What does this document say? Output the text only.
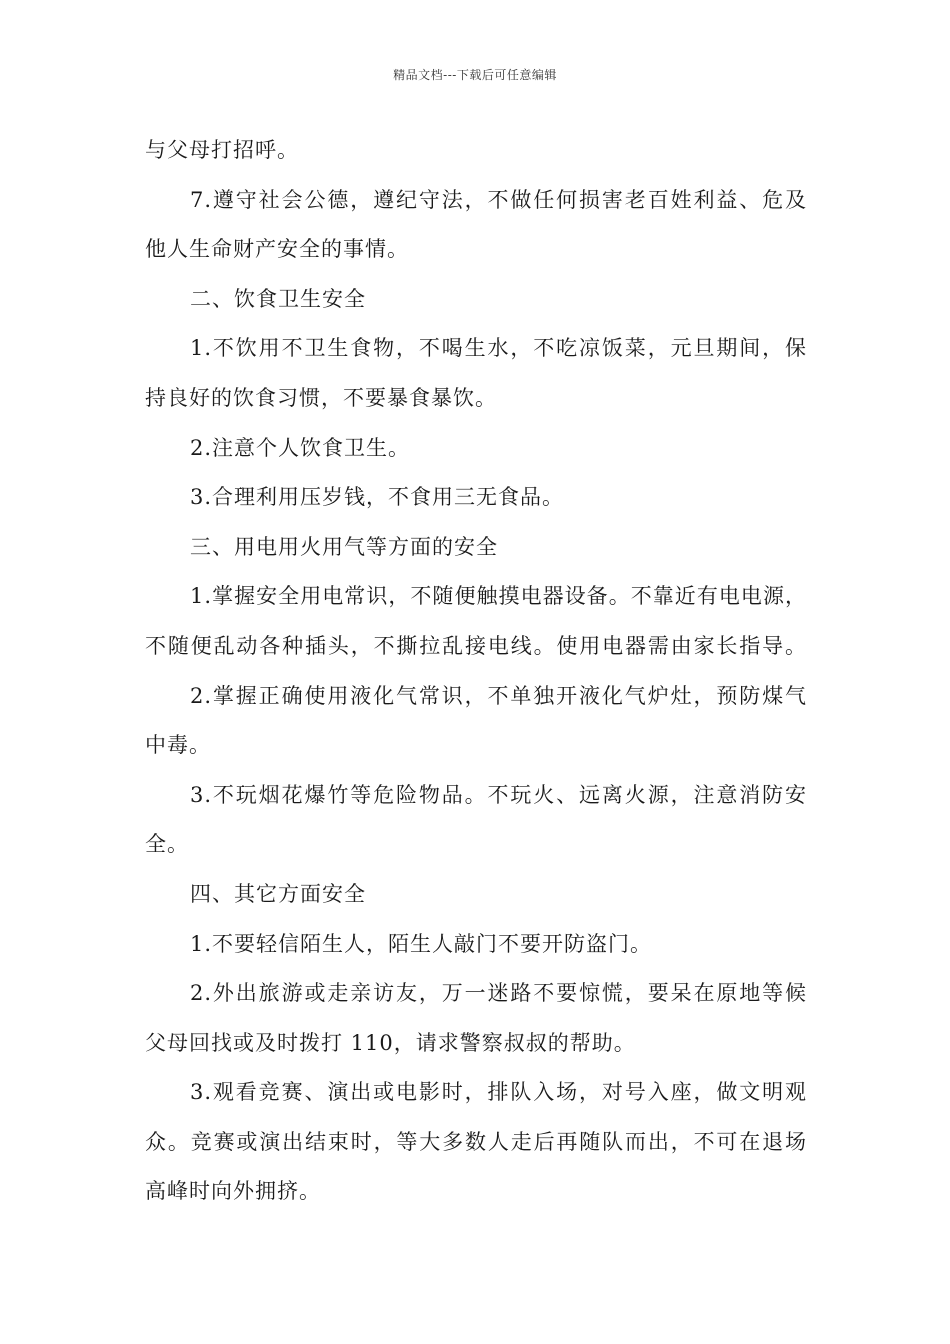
精品文档---下载后可任意编辑
与父母打招呼。
7.遵守社会公德，遵纪守法，不做任何损害老百姓利益、危及
他人生命财产安全的事情。
二、饮食卫生安全
1.不饮用不卫生食物，不喝生水，不吃凉饭菜，元旦期间，保
持良好的饮食习惯，不要暴食暴饮。
2.注意个人饮食卫生。
3.合理利用压岁钱，不食用三无食品。
三、用电用火用气等方面的安全
1.掌握安全用电常识，不随便触摸电器设备。不靠近有电电源，
不随便乱动各种插头，不撕拉乱接电线。使用电器需由家长指导。
2.掌握正确使用液化气常识，不单独开液化气炉灶，预防煤气
中毒。
3.不玩烟花爆竹等危险物品。不玩火、远离火源，注意消防安
全。
四、其它方面安全
1.不要轻信陌生人，陌生人敲门不要开防盗门。
2.外出旅游或走亲访友，万一迷路不要惊慌，要呆在原地等候
父母回找或及时拨打 110，请求警察叔叔的帮助。
3.观看竞赛、演出或电影时，排队入场，对号入座，做文明观
众。竞赛或演出结束时，等大多数人走后再随队而出，不可在退场
高峰时向外拥挤。
